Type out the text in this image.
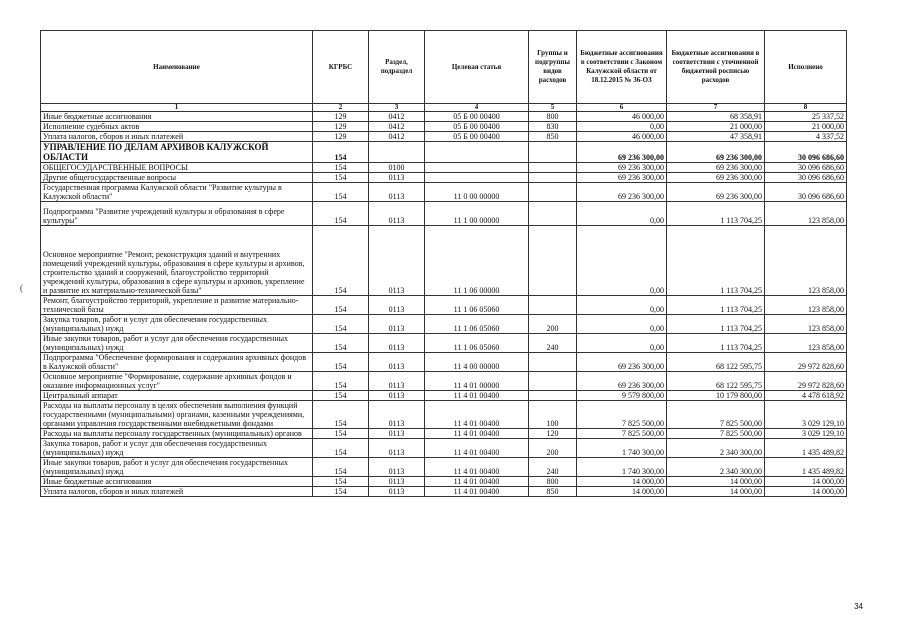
Наименование	КГРБС	Раздел, подраздел	Целевая статья	Группы и подгруппы видов расходов	Бюджетные ассигнования в соответствии с Законом Калужской области от 18.12.2015 № 36-ОЗ	Бюджетные ассигнования в соответствии с уточненной бюджетной росписью расходов	Исполнено
1	2	3	4	5	6	7	8
Иные бюджетные ассигнования	129	0412	05 Б 00 00400	800	46 000,00	68 358,91	25 337,52
Исполнение судебных актов	129	0412	05 Б 00 00400	830	0,00	21 000,00	21 000,00
Уплата налогов, сборов и иных платежей	129	0412	05 Б 00 00400	850	46 000,00	47 358,91	4 337,52
УПРАВЛЕНИЕ ПО ДЕЛАМ АРХИВОВ КАЛУЖСКОЙ ОБЛАСТИ	154				69 236 300,00	69 236 300,00	30 096 686,60
ОБЩЕГОСУДАРСТВЕННЫЕ ВОПРОСЫ	154	0100			69 236 300,00	69 236 300,00	30 096 686,60
Другие общегосударственные вопросы	154	0113			69 236 300,00	69 236 300,00	30 096 686,60
Государственная программа Калужской области "Развитие культуры в Калужской области"	154	0113	11 0 00 00000		69 236 300,00	69 236 300,00	30 096 686,60
Подпрограмма "Развитие учреждений культуры и образования в сфере культуры"	154	0113	11 1 00 00000		0,00	1 113 704,25	123 858,00
Основное мероприятие "Ремонт, реконструкция зданий и внутренних помещений учреждений культуры, образования в сфере культуры и архивов, строительство зданий и сооружений, благоустройство территорий учреждений культуры, образования в сфере культуры и архивов, укрепление и развитие их материально-технической базы"	154	0113	11 1 06 00000		0,00	1 113 704,25	123 858,00
Ремонт, благоустройство территорий, укрепление и развитие материально-технической базы	154	0113	11 1 06 05060		0,00	1 113 704,25	123 858,00
Закупка товаров, работ и услуг для обеспечения государственных (муниципальных) нужд	154	0113	11 1 06 05060	200	0,00	1 113 704,25	123 858,00
Иные закупки товаров, работ и услуг для обеспечения государственных (муниципальных) нужд	154	0113	11 1 06 05060	240	0,00	1 113 704,25	123 858,00
Подпрограмма "Обеспечение формирования и содержания архивных фондов в Калужской области"	154	0113	11 4 00 00000		69 236 300,00	68 122 595,75	29 972 828,60
Основное мероприятие "Формирование, содержание архивных фондов и оказание информационных услуг"	154	0113	11 4 01 00000		69 236 300,00	68 122 595,75	29 972 828,60
Центральный аппарат	154	0113	11 4 01 00400		9 579 800,00	10 179 800,00	4 478 618,92
Расходы на выплаты персоналу в целях обеспечения выполнения функций государственными (муниципальными) органами, казенными учреждениями, органами управления государственными внебюджетными фондами	154	0113	11 4 01 00400	100	7 825 500,00	7 825 500,00	3 029 129,10
Расходы на выплаты персоналу государственных (муниципальных) органов	154	0113	11 4 01 00400	120	7 825 500,00	7 825 500,00	3 029 129,10
Закупка товаров, работ и услуг для обеспечения государственных (муниципальных) нужд	154	0113	11 4 01 00400	200	1 740 300,00	2 340 300,00	1 435 489,82
Иные закупки товаров, работ и услуг для обеспечения государственных (муниципальных) нужд	154	0113	11 4 01 00400	240	1 740 300,00	2 340 300,00	1 435 489,82
Иные бюджетные ассигнования	154	0113	11 4 01 00400	800	14 000,00	14 000,00	14 000,00
Уплата налогов, сборов и иных платежей	154	0113	11 4 01 00400	850	14 000,00	14 000,00	14 000,00
(
34
